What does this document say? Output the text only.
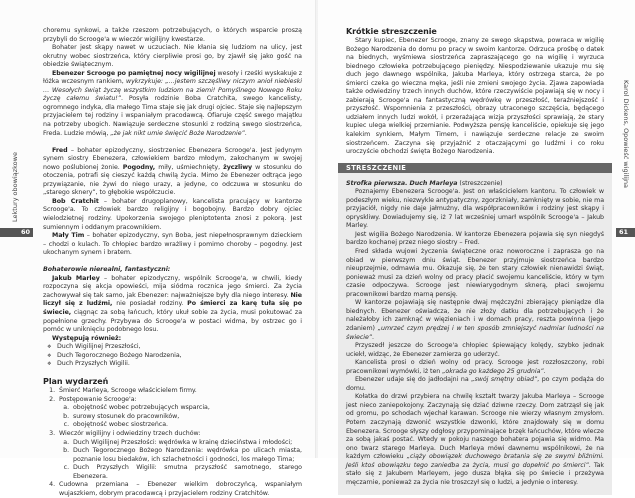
Lektury obowiązkowe
60

choremu synkowi, a także rzeszom potrzebujących, o których wsparcie proszą przybyli do Scrooge'a w wieczór wigilijny kwestarze.

Bohater jest skąpy nawet w uczuciach. Nie kłania się ludziom na ulicy, jest okrutny wobec siostrzeńca, który cierpliwie prosi go, by zjawił się jako gość na obiedzie świątecznym.

Ebenezer Scrooge po pamiętnej nocy wigilijnej wesoły i rześki wyskakuje z łóżka wczesnym rankiem, wykrzykuje: „…jestem szczęśliwy niczym anioł niebieski … Wesołych świąt życzę wszystkim ludziom na ziemi! Pomyślnego Nowego Roku życzę całemu światu!”. Posyła rodzinie Boba Cratchita, swego kancelisty, ogromnego indyka, dla małego Tima staje się jak drugi ojciec. Staje się najlepszym przyjacielem tej rodziny i wspaniałym pracodawcą. Ofiaruje część swego majątku na potrzeby ubogich. Nawiązuje serdeczne stosunki z rodziną swego siostrzeńca, Freda. Ludzie mówią, „że jak nikt umie święcić Boże Narodzenie”.

Fred – bohater epizodyczny, siostrzeniec Ebenezera Scrooge'a. Jest jedynym synem siostry Ebenezera, człowiekiem bardzo młodym, zakochanym w swojej nowo poślubionej żonie. Pogodny, miły, uśmiechnięty, życzliwy w stosunku do otoczenia, potrafi się cieszyć każdą chwilą życia. Mimo że Ebenezer odtrąca jego przywiązanie, nie żywi do niego urazy, a jedyne, co odczuwa w stosunku do „starego sknery”, to głębokie współczucie.

Bob Cratchit – bohater drugoplanowy, kancelista pracujący w kantorze Scrooge'a. To człowiek bardzo religijny i bogobojny. Bardzo dobry ojciec wielodzietnej rodziny. Upokorzenia swojego pleniptotenta znosi z pokorą. Jest sumiennym i oddanym pracownikiem.

Mały Tim – bohater epizodyczny, syn Boba, jest niepełnosprawnym dzieckiem – chodzi o kulach. To chłopiec bardzo wrażliwy i pomimo choroby – pogodny. Jest ukochanym synem i bratem.

Bohaterowie nierealni, fantastyczni:

Jakub Marley – bohater epizodyczny, wspólnik Scrooge'a, w chwili, kiedy rozpoczyna się akcja opowieści, mija siódma rocznica jego śmierci. Za życia zachowywał się tak samo, jak Ebenezer: najważniejsze były dla niego interesy. Nie liczył się z ludźmi, nie posiadał rodziny. Po śmierci za karę tuła się po świecie, ciągnąc za sobą łańcuch, który ukuł sobie za życia, musi pokutować za popełnione grzechy. Przybywa do Scrooge'a w postaci widma, by ostrzec go i pomóc w uniknięciu podobnego losu.

Występują również:

❖ Duch Wigilijnej Przeszłości,
❖ Duch Tegorocznego Bożego Narodzenia,
❖ Duch Przyszłych Wigilii.
Plan wydarzeń
1. Śmierć Marleya, Scrooge właścicielem firmy.
2. Postępowanie Scrooge'a:
a. obojętność wobec potrzebujących wsparcia,
b. surowy stosunek do pracowników,
c. obojętność wobec siostrzeńca.
3. Wieczór wigilijny i odwiedziny trzech duchów:
a. Duch Wigilijnej Przeszłości: wędrówka w krainę dzieciństwa i młodości;
b. Duch Tegorocznego Bożego Narodzenia: wędrówka po ulicach miasta, poznanie losu biedaków, ich szlachetności i godności, los małego Tima;
c. Duch Przyszłych Wigilii: smutna przyszłość samotnego, starego Ebenezera.
4. Cudowna przemiana – Ebenezer wielkim dobroczyńcą, wspaniałym wujaszkiem, dobrym pracodawcą i przyjacielem rodziny Cratchitów.
Karol Dickens, Opowieść wigilijna
Krótkie streszczenie

Stary kupiec, Ebenezer Scrooge, znany ze swego skąpstwa, powraca w wigilię Bożego Narodzenia do domu po pracy w swoim kantorze. Odrzuca prośbę o datek na biednych, wyśmiewa siostrzeńca zapraszającego go na wigilię i wyrzuca biednego człowieka potrzebującego pieniędzy. Niespodziewanie ukazuje mu się duch jego dawnego wspólnika, Jakuba Marleya, który ostrzega starca, że po śmierci czeka go wieczna męka, jeśli nie zmieni swojego życia. Zjawa zapowiada także odwiedziny trzech innych duchów, które rzeczywiście pojawiają się w nocy i zabierają Scrooge'a na fantastyczną wędrówkę w przeszłość, teraźniejszość i przyszłość. Wspomnienia z przeszłości, obrazy utraconego szczęścia, będącego udziałem innych ludzi wokół, i przerażająca wizja przyszłości sprawiają, że stary kupiec ulega wielkiej przemianie. Podwyższa pensję kanceliście, opiekuje się jego kalekim synkiem, Małym Timem, i nawiązuje serdeczne relacje ze swoim siostrzeńcem. Zaczyna się przyjaźnić z otaczającymi go ludźmi i co roku uroczyście obchodzi święta Bożego Narodzenia.

STRESZCZENIE

Strofka pierwsza. Duch Marleya (streszczenie)

Poznajemy Ebenezera Scrooge'a. Jest on właścicielem kantoru. To człowiek w podeszłym wieku, niezwykle antypatyczny, zgorzkniały, zamknięty w sobie, nie ma przyjaciół, nigdy nie daje jałmużny, dla współpracowników i rodziny jest skąpy i opryskliwy. Dowiadujemy się, iż 7 lat wcześniej umarł wspólnik Scrooge'a – Jakub Marley.

Jest wigilia Bożego Narodzenia. W kantorze Ebenezera pojawia się syn niegdyś bardzo kochanej przez niego siostry – Fred.

Fred składa wujowi życzenia świąteczne oraz noworoczne i zaprasza go na obiad w pierwszym dniu świąt. Ebenezer przyjmuje siostrzeńca bardzo nieuprzejmie, odmawia mu. Okazuje się, że ten stary człowiek nienawidzi świąt, ponieważ musi za dzień wolny od pracy płacić swojemu kanceliście, który w tym czasie odpoczywa. Scrooge jest niewiarygodnym sknerą, płaci swojemu pracownikowi bardzo marną pensję.

W kantorze pojawiają się następnie dwaj mężczyźni zbierający pieniądze dla biednych. Ebenezer oświadcza, że nie złoży datku dla potrzebujących i że należałoby ich zamknąć w więzieniach i w domach pracy, reszta powinna (jego zdaniem) „umrzeć czym prędzej i w ten sposób zmniejszyć nadmiar ludności na świecie”.

Przyszedł jeszcze do Scrooge'a chłopiec śpiewający kolędy, szybko jednak uciekł, widząc, że Ebenezer zamierza go uderzyć.

Kancelista prosi o dzień wolny od pracy. Scrooge jest rozzłoszczony, robi pracownikowi wymówki, iż ten „okrada go każdego 25 grudnia”.

Ebenezer udaje się do jadłodajni na „swój smętny obiad”, po czym podąża do domu.

Kołatka do drzwi przybiera na chwilę kształt twarzy Jakuba Marleya – Scrooge jest nieco zaniepokojony. Zaczynają się dziać dziwne rzeczy. Dom zatrząsł się jak od gromu, po schodach wjechał karawan. Scrooge nie wierzy własnym zmysłom. Potem zaczynają dzwonić wszystkie dzwonki, które znajdowały się w domu Ebenezera. Scrooge słyszy odgłosy przypominające brzęk łańcuchów, które wlecze za sobą jakaś postać. Wtedy w pokoju naszego bohatera pojawia się widmo. Ma ono twarz starego Marleya. Duch Marleya mówi dawnemu wspólnikowi, że na każdym człowieku „ciąży obowiązek duchowego bratania się ze swymi bliźnimi. Jeśli ktoś obowiązku tego zaniedba za życia, musi go dopełnić po śmierci”. Tak stało się z Jakubem Marleyem, jego dusza błąka się po świecie i przeżywa męczarnie, ponieważ za życia nie troszczył się o ludzi, a jedynie o interesy.

61
